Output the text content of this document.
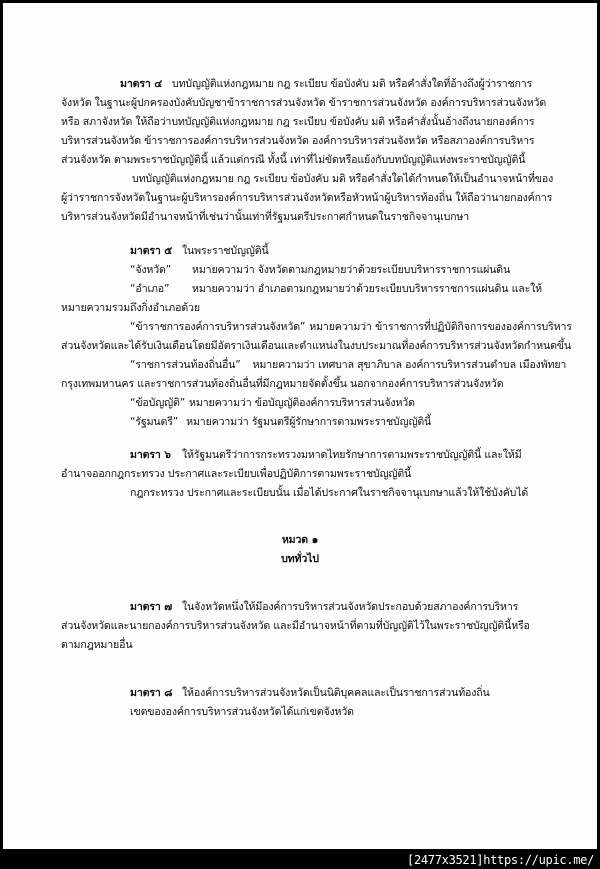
มาตรา ๔ บทบัญญัติแห่งกฎหมาย กฎ ระเบียบ ข้อบังคับ มติ หรือคำสั่งใดที่อ้างถึงผู้ว่าราชการ
จังหวัด ในฐานะผู้ปกครองบังคับบัญชาข้าราชการส่วนจังหวัด ข้าราชการส่วนจังหวัด องค์การบริหารส่วนจังหวัด
หรือ สภาจังหวัด ให้ถือว่าบทบัญญัติแห่งกฎหมาย กฎ ระเบียบ ข้อบังคับ มติ หรือคำสั่งนั้นอ้างถึงนายกองค์การ
บริหารส่วนจังหวัด ข้าราชการองค์การบริหารส่วนจังหวัด องค์การบริหารส่วนจังหวัด หรือสภาองค์การบริหาร
ส่วนจังหวัด ตามพระราชบัญญัตินี้ แล้วแต่กรณี ทั้งนี้ เท่าที่ไม่ขัดหรือแย้งกับบทบัญญัติแห่งพระราชบัญญัตินี้
บทบัญญัติแห่งกฎหมาย กฎ ระเบียบ ข้อบังคับ มติ หรือคำสั่งใดได้กำหนดให้เป็นอำนาจหน้าที่ของ
ผู้ว่าราชการจังหวัดในฐานะผู้บริหารองค์การบริหารส่วนจังหวัดหรือหัวหน้าผู้บริหารท้องถิ่น ให้ถือว่านายกองค์การ
บริหารส่วนจังหวัดมีอำนาจหน้าที่เช่นว่านั้นเท่าที่รัฐมนตรีประกาศกำหนดในราชกิจจานุเบกษา
มาตรา ๕ ในพระราชบัญญัตินี้
“จังหวัด” หมายความว่า จังหวัดตามกฎหมายว่าด้วยระเบียบบริหารราชการแผ่นดิน
“อำเภอ” หมายความว่า อำเภอตามกฎหมายว่าด้วยระเบียบบริหารราชการแผ่นดิน และให้
หมายความรวมถึงกิ่งอำเภอด้วย
“ข้าราชการองค์การบริหารส่วนจังหวัด” หมายความว่า ข้าราชการที่ปฏิบัติกิจการขององค์การบริหาร
ส่วนจังหวัดและได้รับเงินเดือนโดยมีอัตราเงินเดือนและตำแหน่งในงบประมาณที่องค์การบริหารส่วนจังหวัดกำหนดขึ้น
“ราชการส่วนท้องถิ่นอื่น” หมายความว่า เทศบาล สุขาภิบาล องค์การบริหารส่วนตำบล เมืองพัทยา
กรุงเทพมหานคร และราชการส่วนท้องถิ่นอื่นที่มีกฎหมายจัดตั้งขึ้น นอกจากองค์การบริหารส่วนจังหวัด
“ข้อบัญญัติ” หมายความว่า ข้อบัญญัติองค์การบริหารส่วนจังหวัด
“รัฐมนตรี” หมายความว่า รัฐมนตรีผู้รักษาการตามพระราชบัญญัตินี้
มาตรา ๖ ให้รัฐมนตรีว่าการกระทรวงมหาดไทยรักษาการตามพระราชบัญญัตินี้ และให้มี
อำนาจออกกฎกระทรวง ประกาศและระเบียบเพื่อปฏิบัติการตามพระราชบัญญัตินี้
กฎกระทรวง ประกาศและระเบียบนั้น เมื่อได้ประกาศในราชกิจจานุเบกษาแล้วให้ใช้บังคับได้
หมวด ๑
บททั่วไป
มาตรา ๗ ในจังหวัดหนึ่งให้มีองค์การบริหารส่วนจังหวัดประกอบด้วยสภาองค์การบริหาร
ส่วนจังหวัดและนายกองค์การบริหารส่วนจังหวัด และมีอำนาจหน้าที่ตามที่บัญญัติไว้ในพระราชบัญญัตินี้หรือ
ตามกฎหมายอื่น
มาตรา ๘ ให้องค์การบริหารส่วนจังหวัดเป็นนิติบุคคลและเป็นราชการส่วนท้องถิ่น
เขตขององค์การบริหารส่วนจังหวัดได้แก่เขตจังหวัด
[2477x3521]https://upic.me/
